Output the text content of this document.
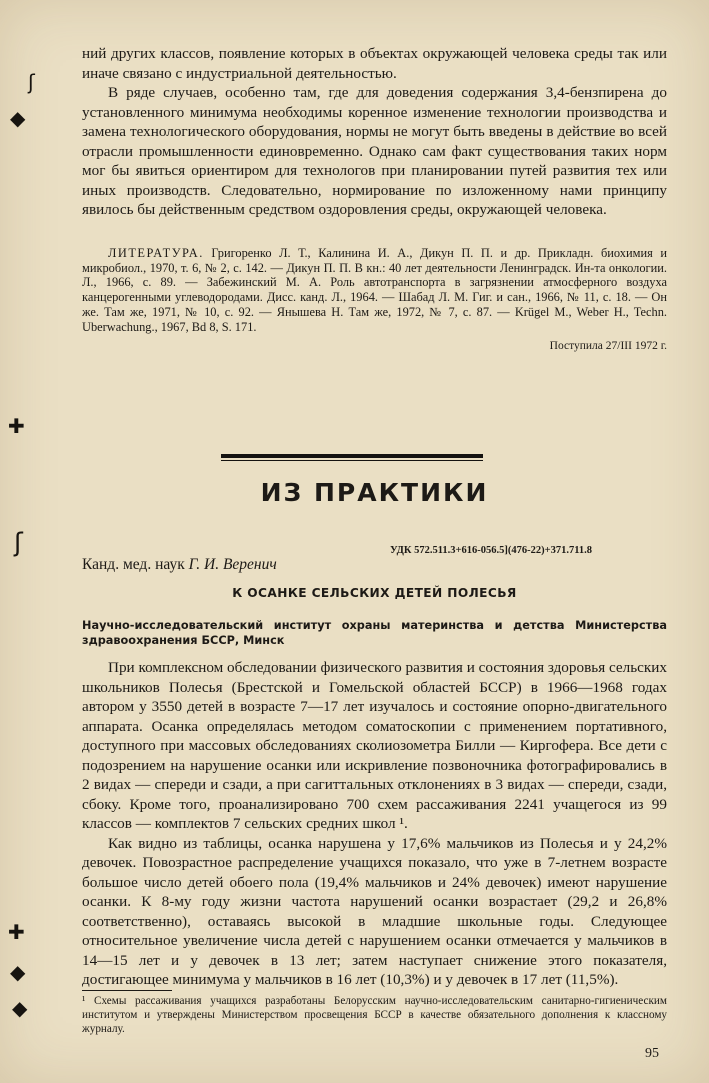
ʃ
◆
✚
ʃ
✚
◆
◆

ний других классов, появление которых в объектах окружающей человека среды так или иначе связано с индустриальной деятельностью.

В ряде случаев, особенно там, где для доведения содержания 3,4-бензпирена до установленного минимума необходимы коренное изменение технологии производства и замена технологического оборудования, нормы не могут быть введены в действие во всей отрасли промышленности единовременно. Однако сам факт существования таких норм мог бы явиться ориентиром для технологов при планировании путей развития тех или иных производств. Следовательно, нормирование по изложенному нами принципу явилось бы действенным средством оздоровления среды, окружающей человека.

ЛИТЕРАТУРА. Григоренко Л. Т., Калинина И. А., Дикун П. П. и др. Прикладн. биохимия и микробиол., 1970, т. 6, № 2, с. 142. — Дикун П. П. В кн.: 40 лет деятельности Ленинградск. Ин-та онкологии. Л., 1966, с. 89. — Забежинский М. А. Роль автотранспорта в загрязнении атмосферного воздуха канцерогенными углеводородами. Дисс. канд. Л., 1964. — Шабад Л. М. Гиг. и сан., 1966, № 11, с. 18. — Он же. Там же, 1971, № 10, с. 92. — Янышева Н. Там же, 1972, № 7, с. 87. — Krügel M., Weber H., Techn. Uberwachung., 1967, Bd 8, S. 171.

Поступила 27/III 1972 г.
ИЗ ПРАКТИКИ
УДК 572.511.3+616-056.5](476-22)+371.711.8
Канд. мед. наук Г. И. Веренич
К ОСАНКЕ СЕЛЬСКИХ ДЕТЕЙ ПОЛЕСЬЯ
Научно-исследовательский институт охраны материнства и детства Министерства здравоохранения БССР, Минск

При комплексном обследовании физического развития и состояния здоровья сельских школьников Полесья (Брестской и Гомельской областей БССР) в 1966—1968 годах автором у 3550 детей в возрасте 7—17 лет изучалось и состояние опорно-двигательного аппарата. Осанка определялась методом соматоскопии с применением портативного, доступного при массовых обследованиях сколиозометра Билли — Киргофера. Все дети с подозрением на нарушение осанки или искривление позвоночника фотографировались в 2 видах — спереди и сзади, а при сагиттальных отклонениях в 3 видах — спереди, сзади, сбоку. Кроме того, проанализировано 700 схем рассаживания 2241 учащегося из 99 классов — комплектов 7 сельских средних школ ¹.

Как видно из таблицы, осанка нарушена у 17,6% мальчиков из Полесья и у 24,2% девочек. Повозрастное распределение учащихся показало, что уже в 7-летнем возрасте большое число детей обоего пола (19,4% мальчиков и 24% девочек) имеют нарушение осанки. К 8-му году жизни частота нарушений осанки возрастает (29,2 и 26,8% соответственно), оставаясь высокой в младшие школьные годы. Следующее относительное увеличение числа детей с нарушением осанки отмечается у мальчиков в 14—15 лет и у девочек в 13 лет; затем наступает снижение этого показателя, достигающее минимума у мальчиков в 16 лет (10,3%) и у девочек в 17 лет (11,5%).

¹ Схемы рассаживания учащихся разработаны Белорусским научно-исследовательским санитарно-гигиеническим институтом и утверждены Министерством просвещения БССР в качестве обязательного дополнения к классному журналу.
95
